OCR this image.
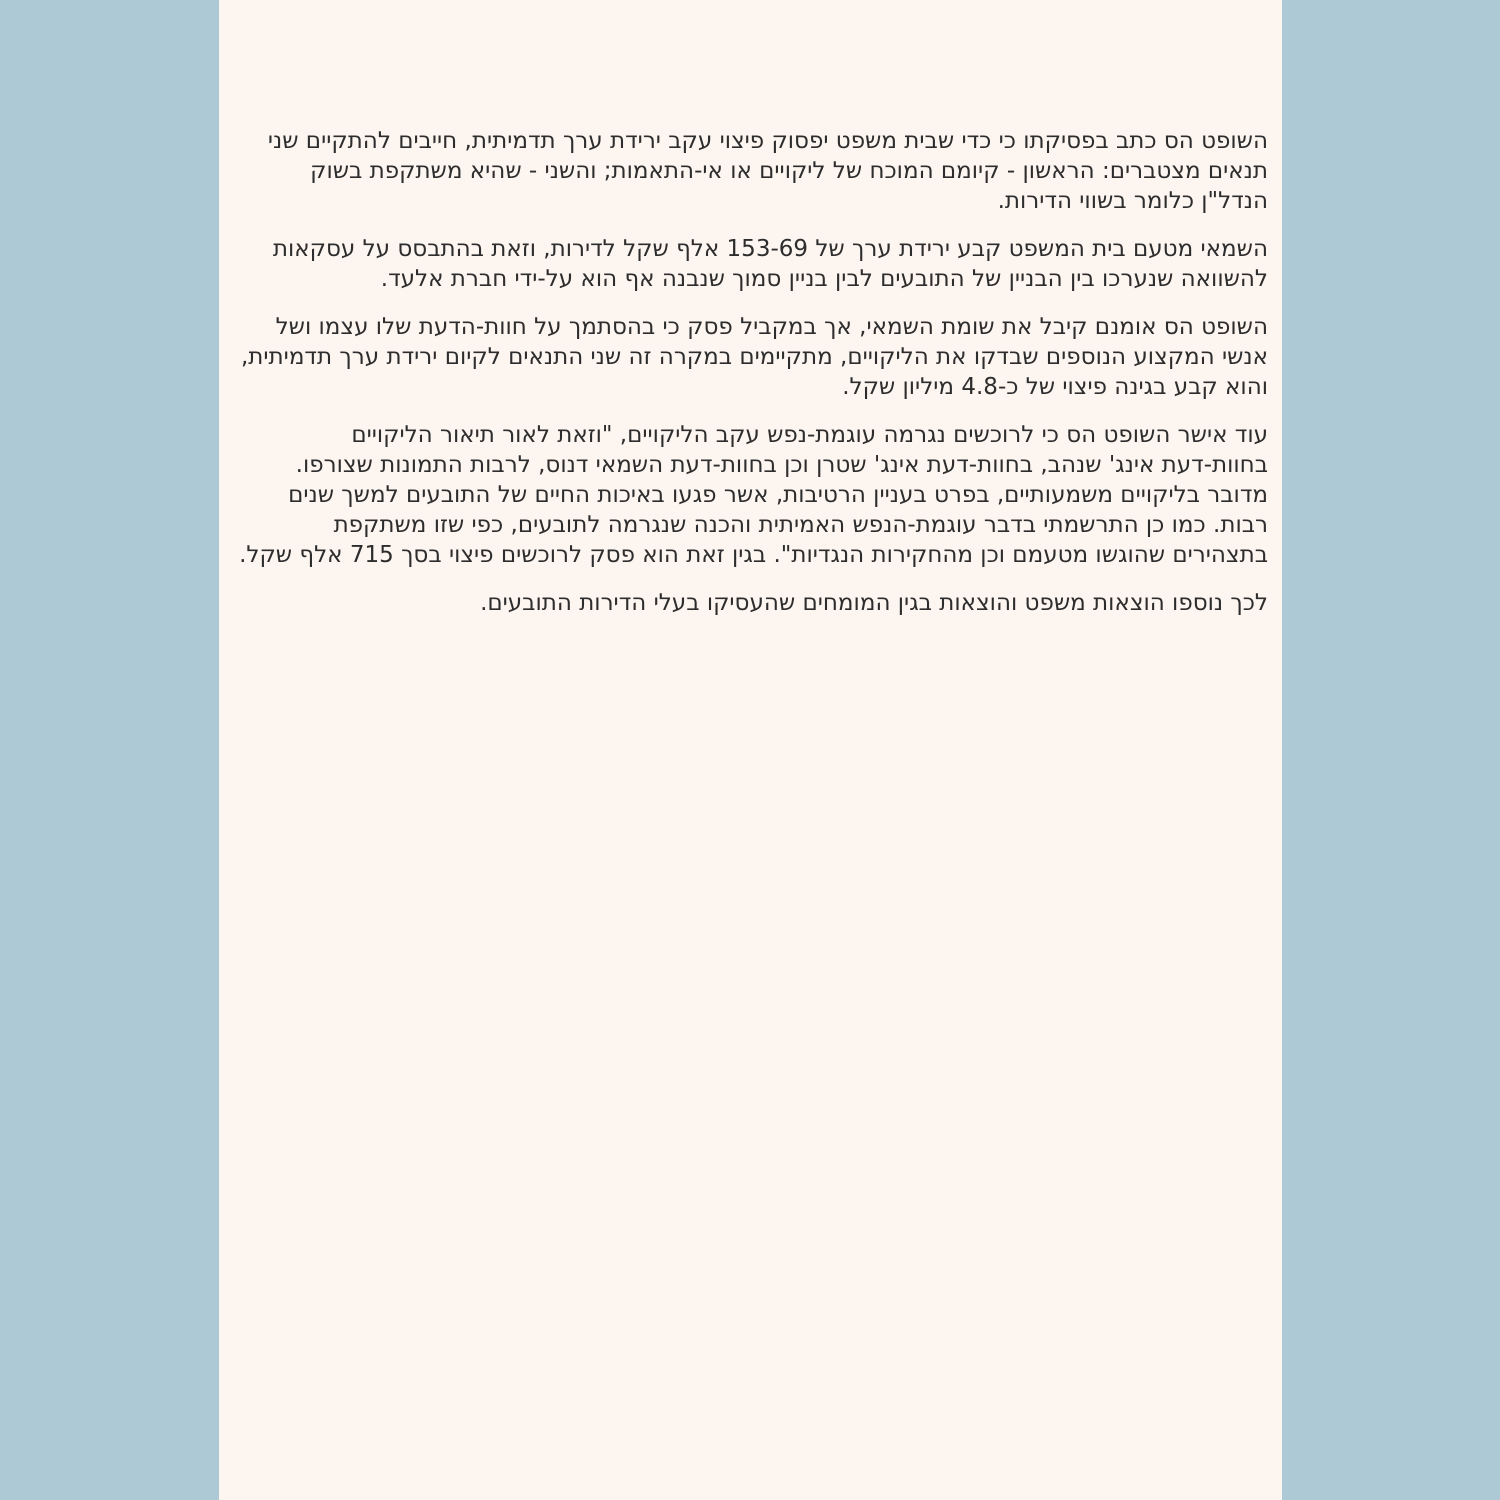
השופט הס כתב בפסיקתו כי כדי שבית משפט יפסוק פיצוי עקב ירידת ערך תדמיתית, חייבים להתקיים שני תנאים מצטברים: הראשון - קיומם המוכח של ליקויים או אי-התאמות; והשני - שהיא משתקפת בשוק הנדל"ן כלומר בשווי הדירות.

השמאי מטעם בית המשפט קבע ירידת ערך של 153-69 אלף שקל לדירות, וזאת בהתבסס על עסקאות להשוואה שנערכו בין הבניין של התובעים לבין בניין סמוך שנבנה אף הוא על-ידי חברת אלעד.

השופט הס אומנם קיבל את שומת השמאי, אך במקביל פסק כי בהסתמך על חוות-הדעת שלו עצמו ושל אנשי המקצוע הנוספים שבדקו את הליקויים, מתקיימים במקרה זה שני התנאים לקיום ירידת ערך תדמיתית, והוא קבע בגינה פיצוי של כ-4.8 מיליון שקל.

עוד אישר השופט הס כי לרוכשים נגרמה עוגמת-נפש עקב הליקויים, "וזאת לאור תיאור הליקויים בחוות-דעת אינג' שנהב, בחוות-דעת אינג' שטרן וכן בחוות-דעת השמאי דנוס, לרבות התמונות שצורפו. מדובר בליקויים משמעותיים, בפרט בעניין הרטיבות, אשר פגעו באיכות החיים של התובעים למשך שנים רבות. כמו כן התרשמתי בדבר עוגמת-הנפש האמיתית והכנה שנגרמה לתובעים, כפי שזו משתקפת בתצהירים שהוגשו מטעמם וכן מהחקירות הנגדיות". בגין זאת הוא פסק לרוכשים פיצוי בסך 715 אלף שקל.

לכך נוספו הוצאות משפט והוצאות בגין המומחים שהעסיקו בעלי הדירות התובעים.
